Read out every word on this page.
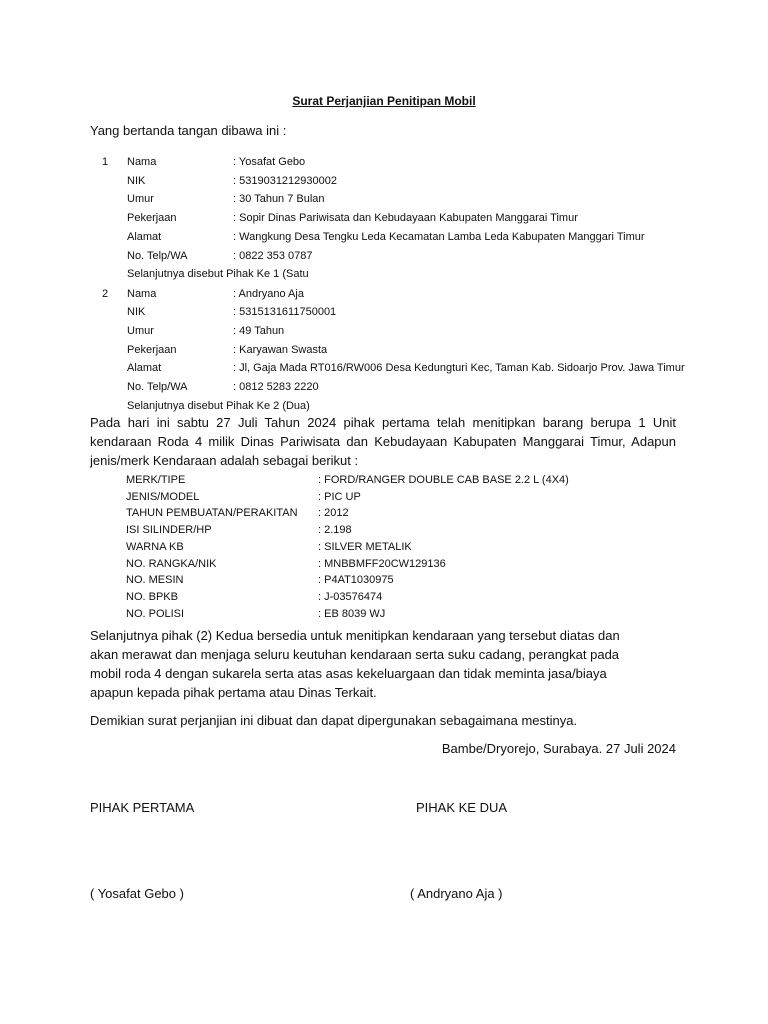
Surat Perjanjian Penitipan Mobil
Yang bertanda tangan dibawa ini :
1 Nama	: Yosafat Gebo
NIK	: 5319031212930002
Umur	: 30 Tahun 7 Bulan
Pekerjaan	: Sopir Dinas Pariwisata dan Kebudayaan Kabupaten Manggarai Timur
Alamat	: Wangkung Desa Tengku Leda Kecamatan Lamba Leda Kabupaten Manggari Timur
No. Telp/WA	: 0822 353 0787
Selanjutnya disebut Pihak Ke 1 (Satu
2 Nama	: Andryano Aja
NIK	: 5315131611750001
Umur	: 49 Tahun
Pekerjaan	: Karyawan Swasta
Alamat	: Jl, Gaja Mada RT016/RW006 Desa Kedungturi Kec, Taman Kab. Sidoarjo Prov. Jawa Timur
No. Telp/WA	: 0812 5283 2220
Selanjutnya disebut Pihak Ke 2 (Dua)
Pada hari ini sabtu 27 Juli Tahun 2024 pihak pertama telah menitipkan barang berupa 1 Unit kendaraan Roda 4 milik Dinas Pariwisata dan Kebudayaan Kabupaten Manggarai Timur, Adapun jenis/merk Kendaraan adalah sebagai berikut :
MERK/TIPE	: FORD/RANGER DOUBLE CAB BASE 2.2 L (4X4)
JENIS/MODEL	: PIC UP
TAHUN PEMBUATAN/PERAKITAN : 2012
ISI SILINDER/HP	: 2.198
WARNA KB	: SILVER METALIK
NO. RANGKA/NIK	: MNBBMFF20CW129136
NO. MESIN	: P4AT1030975
NO. BPKB	: J-03576474
NO. POLISI	: EB 8039 WJ
Selanjutnya pihak (2) Kedua bersedia untuk menitipkan kendaraan yang tersebut diatas dan akan merawat dan menjaga seluru keutuhan kendaraan serta suku cadang, perangkat pada mobil roda 4 dengan sukarela serta atas asas kekeluargaan dan tidak meminta jasa/biaya apapun kepada pihak pertama atau Dinas Terkait.
Demikian surat perjanjian ini dibuat dan dapat dipergunakan sebagaimana mestinya.
Bambe/Dryorejo, Surabaya. 27 Juli 2024
PIHAK PERTAMA	PIHAK KE DUA
( Yosafat Gebo )	( Andryano Aja )
